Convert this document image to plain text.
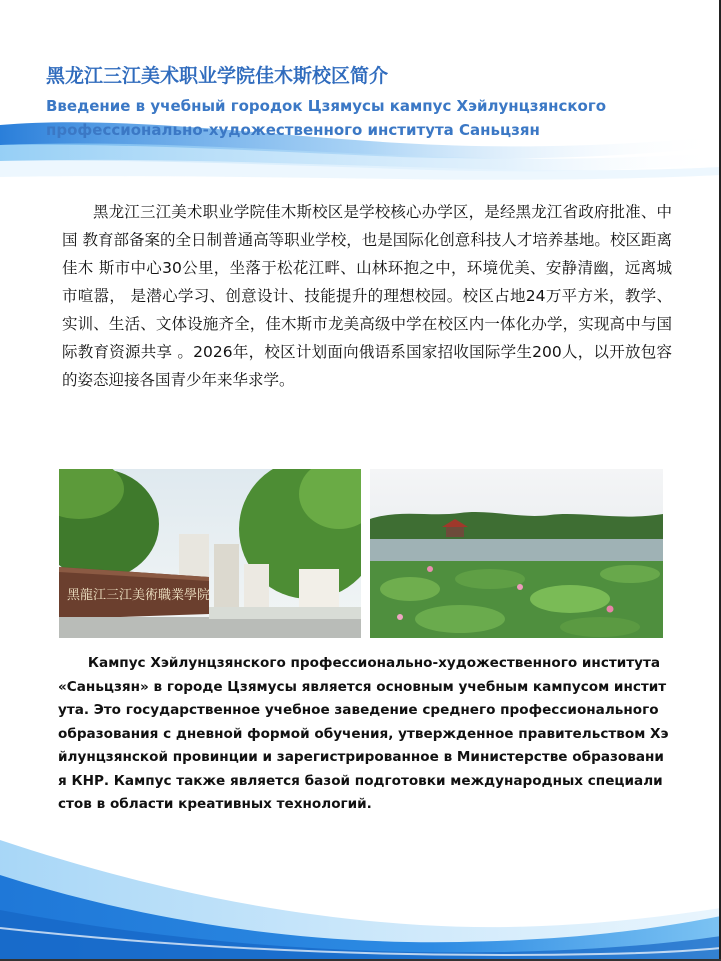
黑龙江三江美术职业学院佳木斯校区简介
Введение в учебный городок Цзямусы кампус Хэйлунцзянского профессионально-художественного института Саньцзян
黑龙江三江美术职业学院佳木斯校区是学校核心办学区，是经黑龙江省政府批准、中国 教育部备案的全日制普通高等职业学校，也是国际化创意科技人才培养基地。校区距离佳木 斯市中心30公里，坐落于松花江畔、山林环抱之中，环境优美、安静清幽，远离城市喧嚣， 是潜心学习、创意设计、技能提升的理想校园。校区占地24万平方米，教学、实训、生活、文体设施齐全，佳木斯市龙美高级中学在校区内一体化办学，实现高中与国际教育资源共享 。2026年，校区计划面向俄语系国家招收国际学生200人，以开放包容的姿态迎接各国青少年来华求学。
黑龍江三江美術職業學院
Кампус Хэйлунцзянского профессионально-художественного института «Саньцзян» в городе Цзямусы является основным учебным кампусом института. Это государственное учебное заведение среднего профессионального образования с дневной формой обучения, утвержденное правительством Хэйлунцзянской провинции и зарегистрированное в Министерстве образования КНР. Кампус также является базой подготовки международных специалистов в области креативных технологий.
